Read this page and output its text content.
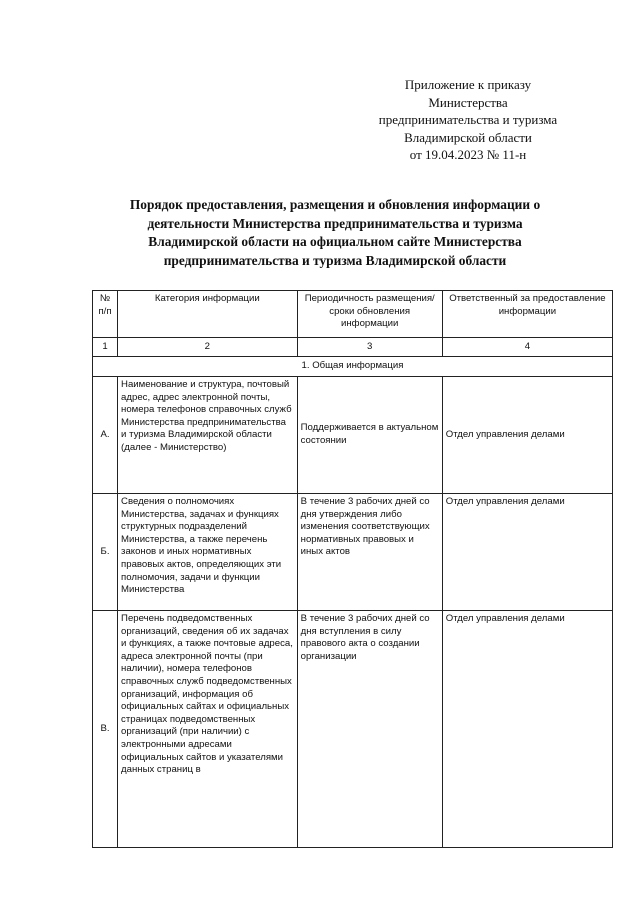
Приложение к приказу
Министерства
предпринимательства и туризма
Владимирской области
от 19.04.2023 № 11-н
Порядок предоставления, размещения и обновления информации о
деятельности Министерства предпринимательства и туризма
Владимирской области на официальном сайте Министерства
предпринимательства и туризма Владимирской области
№ п/п	Категория информации	Периодичность размещения/ сроки обновления информации	Ответственный за предоставление информации
1	2	3	4
1. Общая информация			
А.	Наименование и структура, почтовый адрес, адрес электронной почты, номера телефонов справочных служб Министерства предпринимательства и туризма Владимирской области (далее - Министерство)	Поддерживается в актуальном состоянии	Отдел управления делами
Б.	Сведения о полномочиях Министерства, задачах и функциях структурных подразделений Министерства, а также перечень законов и иных нормативных правовых актов, определяющих эти полномочия, задачи и функции Министерства	В течение 3 рабочих дней со дня утверждения либо изменения соответствующих нормативных правовых и иных актов	Отдел управления делами
В.	Перечень подведомственных организаций, сведения об их задачах и функциях, а также почтовые адреса, адреса электронной почты (при наличии), номера телефонов справочных служб подведомственных организаций, информация об официальных сайтах и официальных страницах подведомственных организаций (при наличии) с электронными адресами официальных сайтов и указателями данных страниц в	В течение 3 рабочих дней со дня вступления в силу правового акта о создании организации	Отдел управления делами
